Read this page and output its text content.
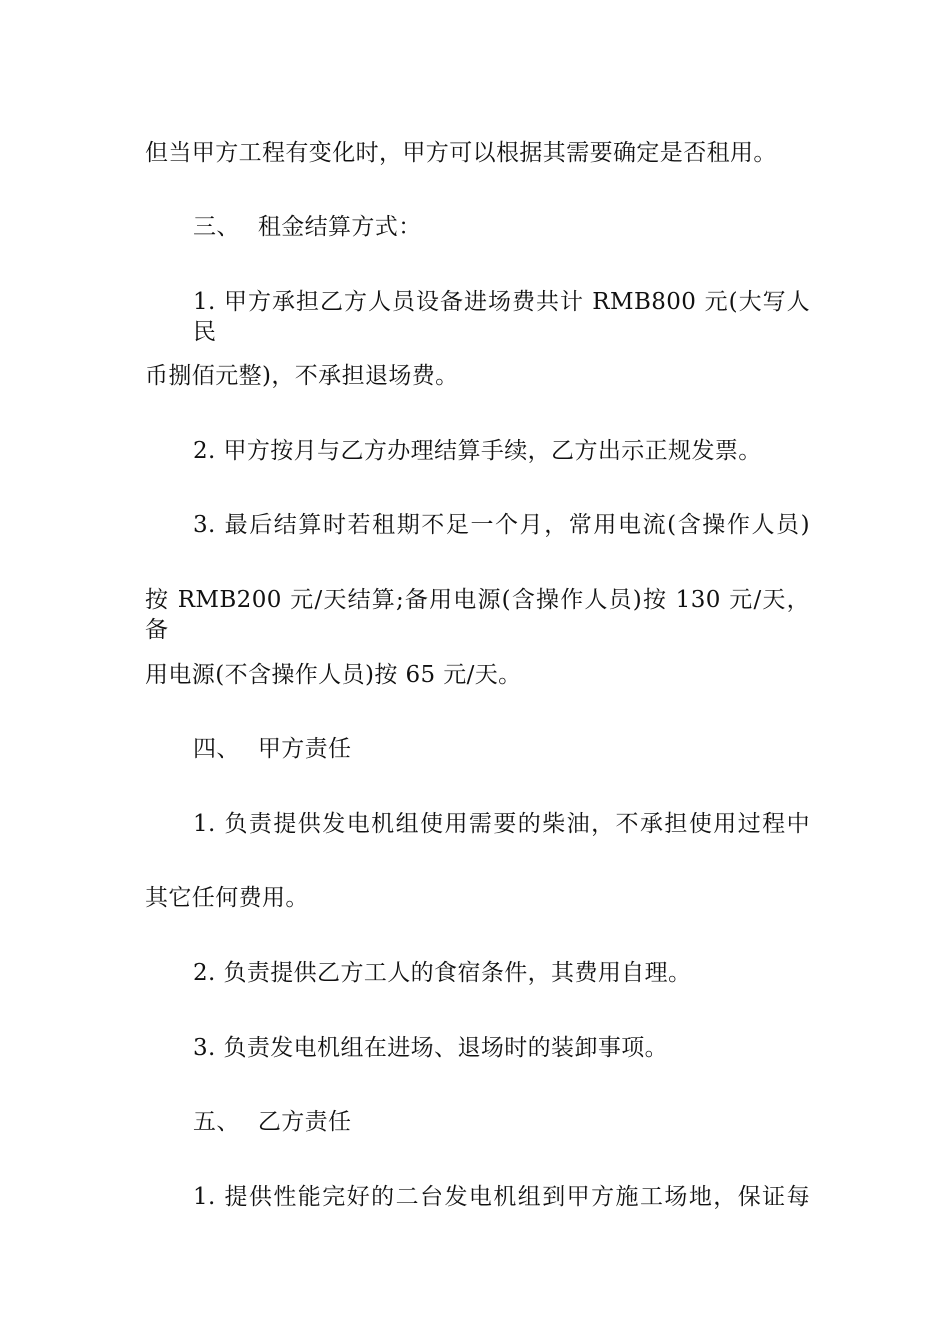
但当甲方工程有变化时，甲方可以根据其需要确定是否租用。
三、 租金结算方式：
1. 甲方承担乙方人员设备进场费共计 RMB800 元(大写人民
币捌佰元整)，不承担退场费。
2. 甲方按月与乙方办理结算手续，乙方出示正规发票。
3. 最后结算时若租期不足一个月，常用电流(含操作人员)
按 RMB200 元/天结算;备用电源(含操作人员)按 130 元/天，备
用电源(不含操作人员)按 65 元/天。
四、 甲方责任
1. 负责提供发电机组使用需要的柴油，不承担使用过程中
其它任何费用。
2. 负责提供乙方工人的食宿条件，其费用自理。
3. 负责发电机组在进场、退场时的装卸事项。
五、 乙方责任
1. 提供性能完好的二台发电机组到甲方施工场地，保证每
